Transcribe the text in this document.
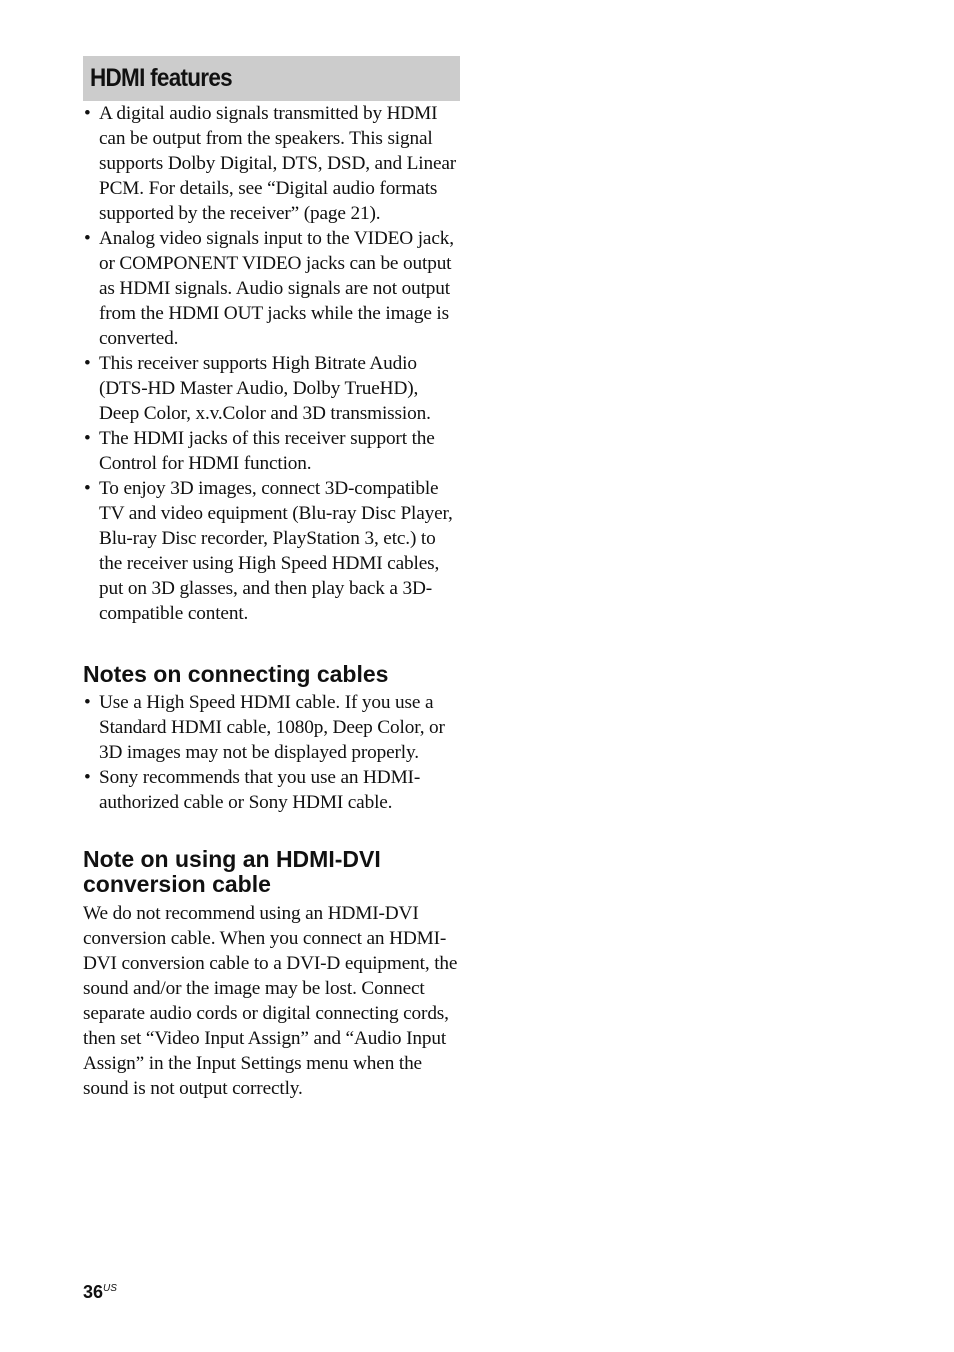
HDMI features
• A digital audio signals transmitted by HDMI can be output from the speakers. This signal supports Dolby Digital, DTS, DSD, and Linear PCM. For details, see “Digital audio formats supported by the receiver” (page 21).
• Analog video signals input to the VIDEO jack, or COMPONENT VIDEO jacks can be output as HDMI signals. Audio signals are not output from the HDMI OUT jacks while the image is converted.
• This receiver supports High Bitrate Audio (DTS-HD Master Audio, Dolby TrueHD), Deep Color, x.v.Color and 3D transmission.
• The HDMI jacks of this receiver support the Control for HDMI function.
• To enjoy 3D images, connect 3D-compatible TV and video equipment (Blu-ray Disc Player, Blu-ray Disc recorder, PlayStation 3, etc.) to the receiver using High Speed HDMI cables, put on 3D glasses, and then play back a 3D-compatible content.
Notes on connecting cables
• Use a High Speed HDMI cable. If you use a Standard HDMI cable, 1080p, Deep Color, or 3D images may not be displayed properly.
• Sony recommends that you use an HDMI-authorized cable or Sony HDMI cable.
Note on using an HDMI-DVI
conversion cable

We do not recommend using an HDMI-DVI conversion cable. When you connect an HDMI-DVI conversion cable to a DVI-D equipment, the sound and/or the image may be lost. Connect separate audio cords or digital connecting cords, then set “Video Input Assign” and “Audio Input Assign” in the Input Settings menu when the sound is not output correctly.

$36^{US}$
